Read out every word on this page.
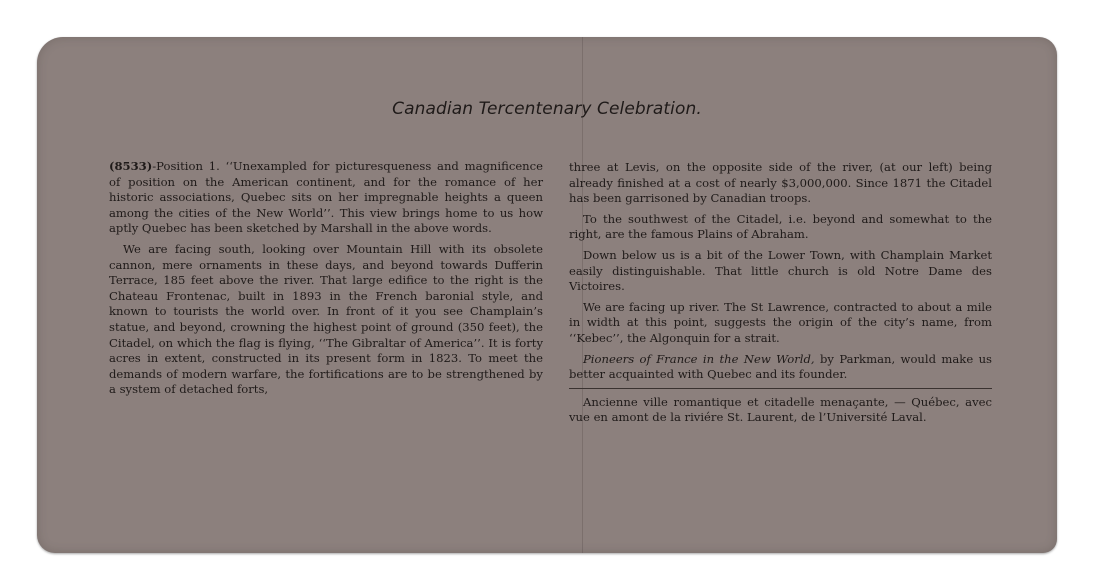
Canadian Tercentenary Celebration.

(8533)-Position 1. ‘‘Unexampled for picturesqueness and magnificence of position on the American continent, and for the romance of her historic associations, Quebec sits on her impregnable heights a queen among the cities of the New World’’. This view brings home to us how aptly Quebec has been sketched by Marshall in the above words.

We are facing south, looking over Mountain Hill with its obsolete cannon, mere ornaments in these days, and beyond towards Dufferin Terrace, 185 feet above the river. That large edifice to the right is the Chateau Frontenac, built in 1893 in the French baronial style, and known to tourists the world over. In front of it you see Champlain’s statue, and beyond, crowning the highest point of ground (350 feet), the Citadel, on which the flag is flying, ‘‘The Gibraltar of America’’. It is forty acres in extent, constructed in its present form in 1823. To meet the demands of modern warfare, the fortifications are to be strengthened by a system of detached forts,

three at Levis, on the opposite side of the river, (at our left) being already finished at a cost of nearly $3,000,000. Since 1871 the Citadel has been garrisoned by Canadian troops.

To the southwest of the Citadel, i.e. beyond and somewhat to the right, are the famous Plains of Abraham.

Down below us is a bit of the Lower Town, with Champlain Market easily distinguishable. That little church is old Notre Dame des Victoires.

We are facing up river. The St Lawrence, contracted to about a mile in width at this point, suggests the origin of the city’s name, from ‘‘Kebec’’, the Algonquin for a strait.

Pioneers of France in the New World, by Parkman, would make us better acquainted with Quebec and its founder.

Ancienne ville romantique et citadelle menaçante, — Québec, avec vue en amont de la riviére St. Laurent, de l’Université Laval.
